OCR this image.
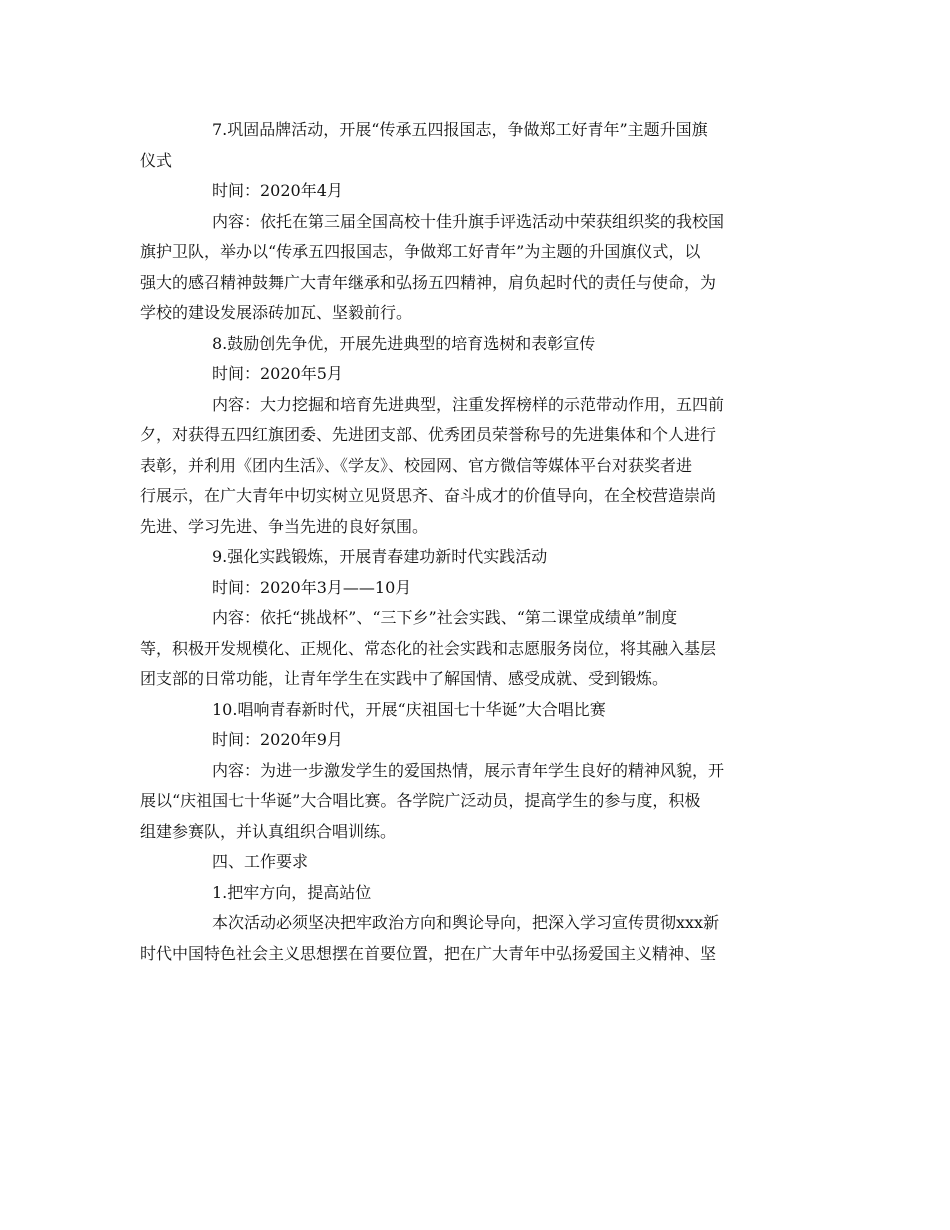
7.巩固品牌活动，开展“传承五四报国志，争做郑工好青年”主题升国旗
仪式
时间：2020年4月
内容：依托在第三届全国高校十佳升旗手评选活动中荣获组织奖的我校国
旗护卫队，举办以“传承五四报国志，争做郑工好青年”为主题的升国旗仪式，以
强大的感召精神鼓舞广大青年继承和弘扬五四精神，肩负起时代的责任与使命，为
学校的建设发展添砖加瓦、坚毅前行。
8.鼓励创先争优，开展先进典型的培育选树和表彰宣传
时间：2020年5月
内容：大力挖掘和培育先进典型，注重发挥榜样的示范带动作用，五四前
夕，对获得五四红旗团委、先进团支部、优秀团员荣誉称号的先进集体和个人进行
表彰，并利用《团内生活》、《学友》、校园网、官方微信等媒体平台对获奖者进
行展示，在广大青年中切实树立见贤思齐、奋斗成才的价值导向，在全校营造崇尚
先进、学习先进、争当先进的良好氛围。
9.强化实践锻炼，开展青春建功新时代实践活动
时间：2020年3月——10月
内容：依托“挑战杯”、“三下乡”社会实践、“第二课堂成绩单”制度
等，积极开发规模化、正规化、常态化的社会实践和志愿服务岗位，将其融入基层
团支部的日常功能，让青年学生在实践中了解国情、感受成就、受到锻炼。
10.唱响青春新时代，开展“庆祖国七十华诞”大合唱比赛
时间：2020年9月
内容：为进一步激发学生的爱国热情，展示青年学生良好的精神风貌，开
展以“庆祖国七十华诞”大合唱比赛。各学院广泛动员，提高学生的参与度，积极
组建参赛队，并认真组织合唱训练。
四、工作要求
1.把牢方向，提高站位
本次活动必须坚决把牢政治方向和舆论导向，把深入学习宣传贯彻xxx新
时代中国特色社会主义思想摆在首要位置，把在广大青年中弘扬爱国主义精神、坚
